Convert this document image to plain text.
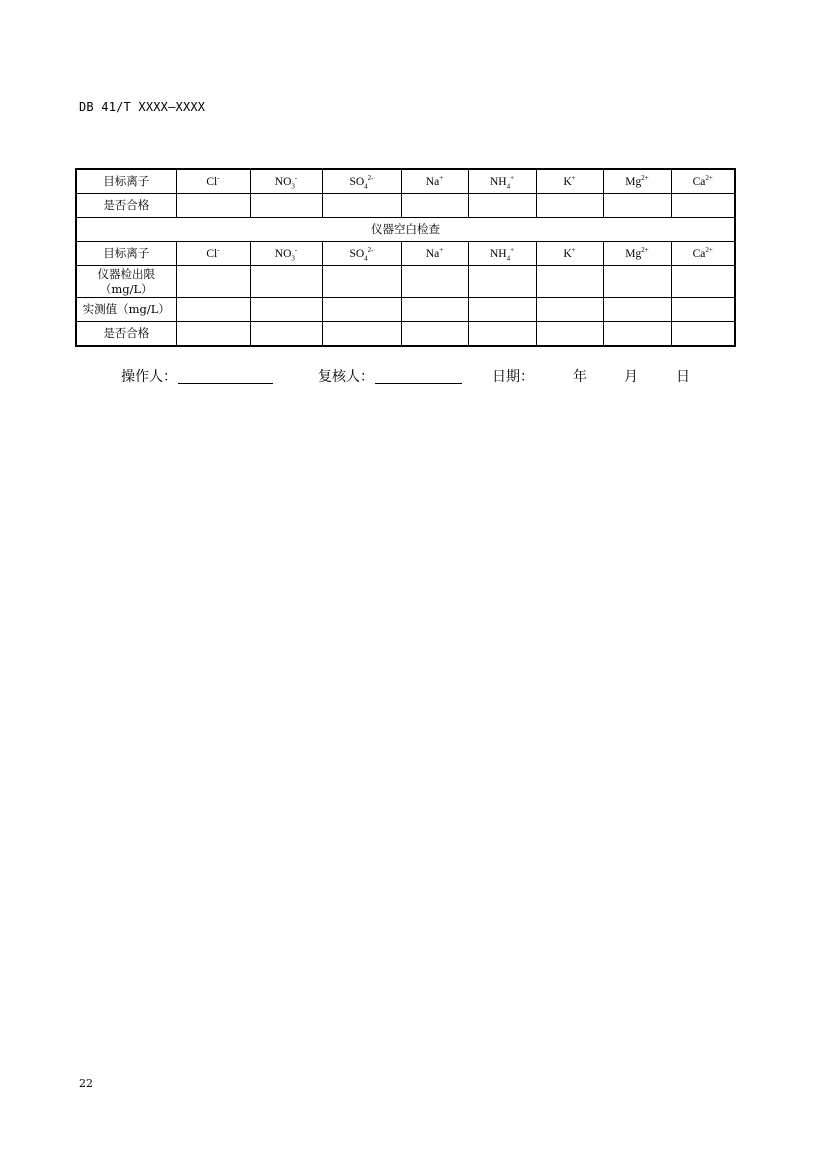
DB 41/T XXXX—XXXX
目标离子	Cl-	$NO_3^-$	$SO_4^{2-}$	Na+	$NH_4^+$	K+	$Mg^{2+}$	$Ca^{2+}$
是否合格								
仪器空白检查								
目标离子	Cl-	$NO_3^-$	$SO_4^{2-}$	Na+	$NH_4^+$	K+	$Mg^{2+}$	$Ca^{2+}$

仪器检出限
（mg/L）								

实测值（mg/L）								
是否合格								
操作人：	复核人：	日期：	年	月	日
22
